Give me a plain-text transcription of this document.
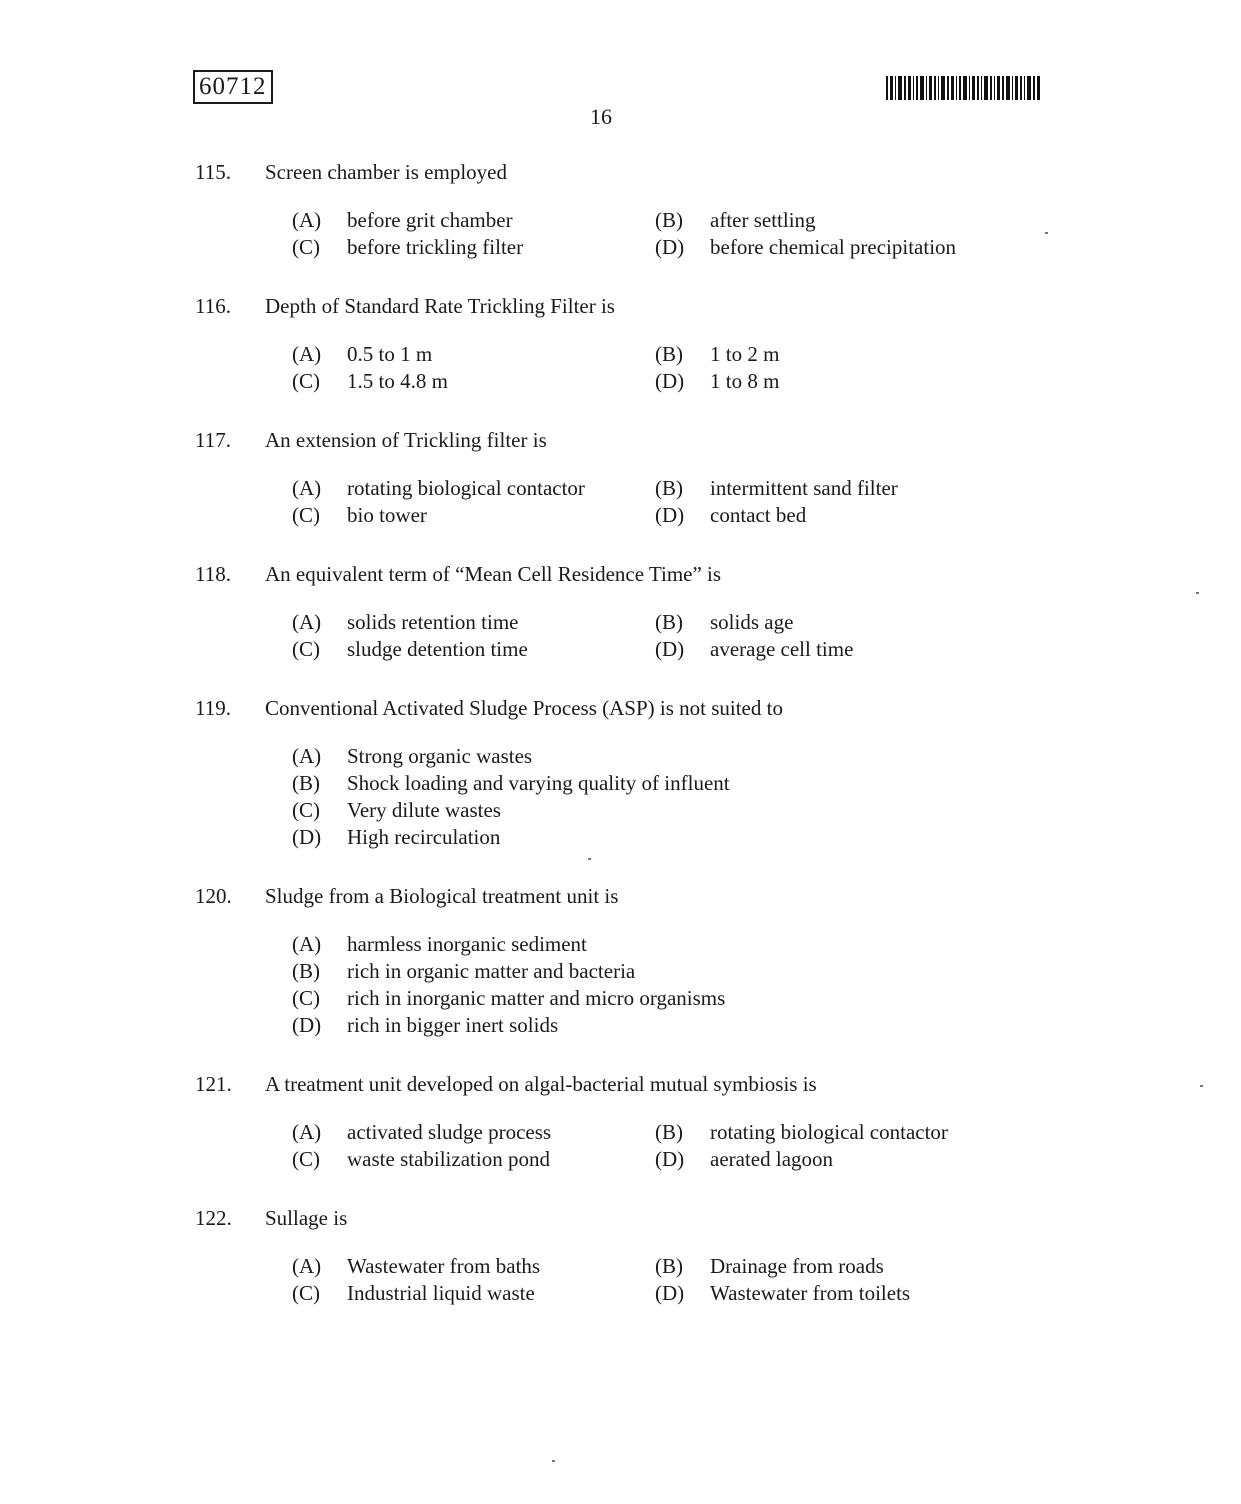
60712
16
115.	Screen chamber is employed
(A)	before grit chamber	(B)	after settling
(C)	before trickling filter	(D)	before chemical precipitation
116.	Depth of Standard Rate Trickling Filter is
(A)	0.5 to 1 m	(B)	1 to 2 m
(C)	1.5 to 4.8 m	(D)	1 to 8 m
117.	An extension of Trickling filter is
(A)	rotating biological contactor	(B)	intermittent sand filter
(C)	bio tower	(D)	contact bed
118.	An equivalent term of “Mean Cell Residence Time” is
(A)	solids retention time	(B)	solids age
(C)	sludge detention time	(D)	average cell time
119.	Conventional Activated Sludge Process (ASP) is not suited to
(A)	Strong organic wastes
(B)	Shock loading and varying quality of influent
(C)	Very dilute wastes
(D)	High recirculation
120.	Sludge from a Biological treatment unit is
(A)	harmless inorganic sediment
(B)	rich in organic matter and bacteria
(C)	rich in inorganic matter and micro organisms
(D)	rich in bigger inert solids
121.	A treatment unit developed on algal-bacterial mutual symbiosis is
(A)	activated sludge process	(B)	rotating biological contactor
(C)	waste stabilization pond	(D)	aerated lagoon
122.	Sullage is
(A)	Wastewater from baths	(B)	Drainage from roads
(C)	Industrial liquid waste	(D)	Wastewater from toilets
